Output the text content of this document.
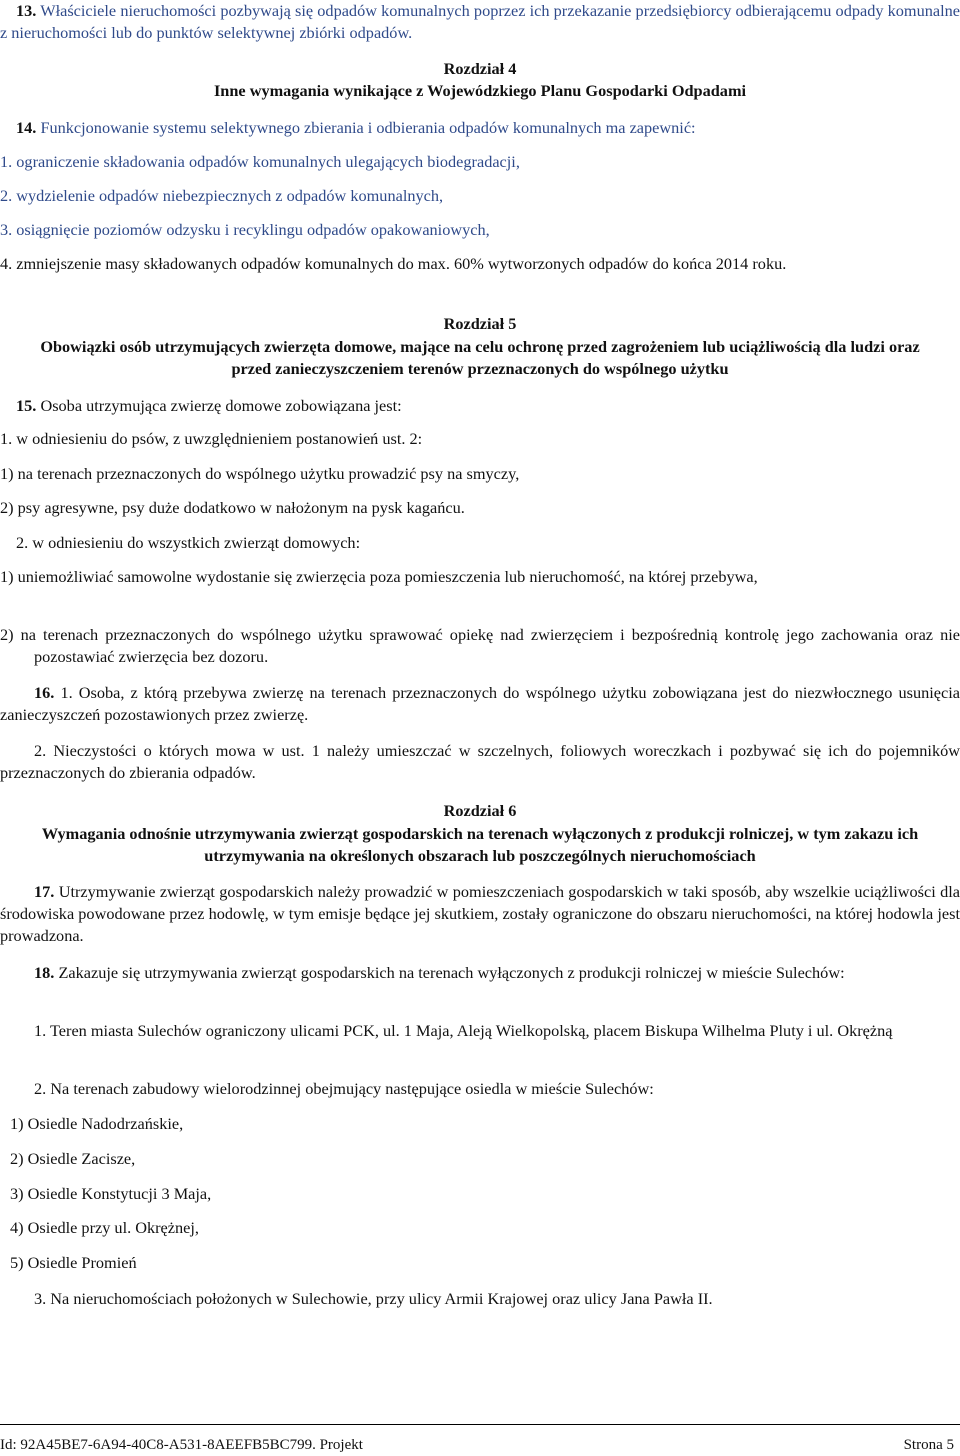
13. Właściciele nieruchomości pozbywają się odpadów komunalnych poprzez ich przekazanie przedsiębiorcy odbierającemu odpady komunalne z nieruchomości lub do punktów selektywnej zbiórki odpadów.

Rozdział 4

Inne wymagania wynikające z Wojewódzkiego Planu Gospodarki Odpadami

14. Funkcjonowanie systemu selektywnego zbierania i odbierania odpadów komunalnych ma zapewnić:

1. ograniczenie składowania odpadów komunalnych ulegających biodegradacji,

2. wydzielenie odpadów niebezpiecznych z odpadów komunalnych,

3. osiągnięcie poziomów odzysku i recyklingu odpadów opakowaniowych,

4. zmniejszenie masy składowanych odpadów komunalnych do max. 60% wytworzonych odpadów do końca 2014 roku.

Rozdział 5

Obowiązki osób utrzymujących zwierzęta domowe, mające na celu ochronę przed zagrożeniem lub uciążliwością dla ludzi oraz przed zanieczyszczeniem terenów przeznaczonych do wspólnego użytku

15. Osoba utrzymująca zwierzę domowe zobowiązana jest:

1. w odniesieniu do psów, z uwzględnieniem postanowień ust. 2:

1) na terenach przeznaczonych do wspólnego użytku prowadzić psy na smyczy,

2) psy agresywne, psy duże dodatkowo w nałożonym na pysk kagańcu.

2. w odniesieniu do wszystkich zwierząt domowych:

1) uniemożliwiać samowolne wydostanie się zwierzęcia poza pomieszczenia lub nieruchomość, na której przebywa,

2) na terenach przeznaczonych do wspólnego użytku sprawować opiekę nad zwierzęciem i bezpośrednią kontrolę jego zachowania oraz nie pozostawiać zwierzęcia bez dozoru.

16. 1. Osoba, z którą przebywa zwierzę na terenach przeznaczonych do wspólnego użytku zobowiązana jest do niezwłocznego usunięcia zanieczyszczeń pozostawionych przez zwierzę.

2. Nieczystości o których mowa w ust. 1 należy umieszczać w szczelnych, foliowych woreczkach i pozbywać się ich do pojemników przeznaczonych do zbierania odpadów.

Rozdział 6

Wymagania odnośnie utrzymywania zwierząt gospodarskich na terenach wyłączonych z produkcji rolniczej, w tym zakazu ich utrzymywania na określonych obszarach lub poszczególnych nieruchomościach

17. Utrzymywanie zwierząt gospodarskich należy prowadzić w pomieszczeniach gospodarskich w taki sposób, aby wszelkie uciążliwości dla środowiska powodowane przez hodowlę, w tym emisje będące jej skutkiem, zostały ograniczone do obszaru nieruchomości, na której hodowla jest prowadzona.

18. Zakazuje się utrzymywania zwierząt gospodarskich na terenach wyłączonych z produkcji rolniczej w mieście Sulechów:

1. Teren miasta Sulechów ograniczony ulicami PCK, ul. 1 Maja, Aleją Wielkopolską, placem Biskupa Wilhelma Pluty i ul. Okrężną

2. Na terenach zabudowy wielorodzinnej obejmujący następujące osiedla w mieście Sulechów:

1) Osiedle Nadodrzańskie,

2) Osiedle Zacisze,

3) Osiedle Konstytucji 3 Maja,

4) Osiedle przy ul. Okrężnej,

5) Osiedle Promień

3. Na nieruchomościach położonych w Sulechowie, przy ulicy Armii Krajowej oraz ulicy Jana Pawła II.

Id: 92A45BE7-6A94-40C8-A531-8AEEFB5BC799. Projekt	Strona 5
